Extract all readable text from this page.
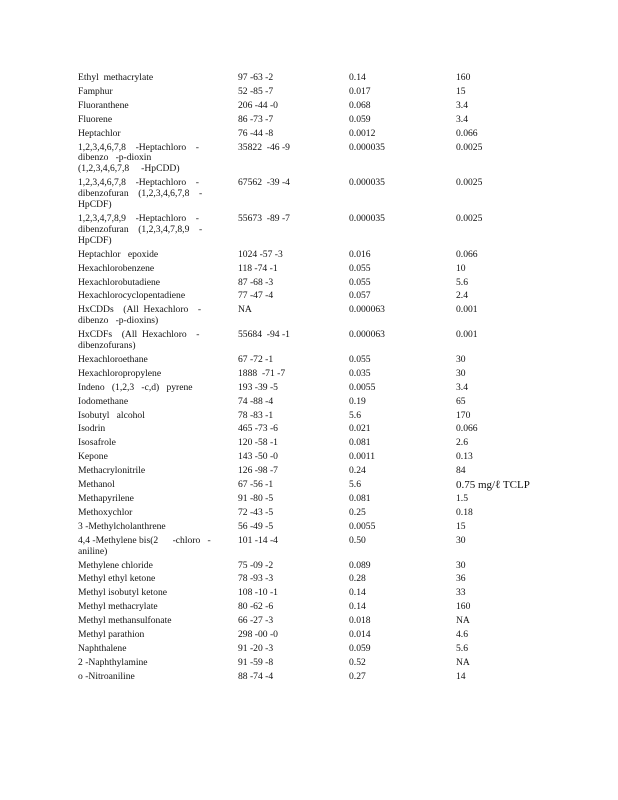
Ethyl  methacrylate	97 -63 -2	0.14	160
Famphur	52 -85 -7	0.017	15
Fluoranthene	206 -44 -0	0.068	3.4
Fluorene	86 -73 -7	0.059	3.4
Heptachlor	76 -44 -8	0.0012	0.066
1,2,3,4,6,7,8    -Heptachloro    -
dibenzo   -p-dioxin
(1,2,3,4,6,7,8     -HpCDD)	35822  -46 -9	0.000035	0.0025
1,2,3,4,6,7,8    -Heptachloro    -
dibenzofuran    (1,2,3,4,6,7,8    -
HpCDF)	67562  -39 -4	0.000035	0.0025
1,2,3,4,7,8,9    -Heptachloro    -
dibenzofuran    (1,2,3,4,7,8,9    -
HpCDF)	55673  -89 -7	0.000035	0.0025
Heptachlor   epoxide	1024 -57 -3	0.016	0.066
Hexachlorobenzene	118 -74 -1	0.055	10
Hexachlorobutadiene	87 -68 -3	0.055	5.6
Hexachlorocyclopentadiene	77 -47 -4	0.057	2.4
HxCDDs    (All  Hexachloro    -
dibenzo   -p-dioxins)	NA	0.000063	0.001
HxCDFs    (All  Hexachloro    -
dibenzofurans)	55684  -94 -1	0.000063	0.001
Hexachloroethane	67 -72 -1	0.055	30
Hexachloropropylene	1888  -71 -7	0.035	30
Indeno   (1,2,3   -c,d)   pyrene	193 -39 -5	0.0055	3.4
Iodomethane	74 -88 -4	0.19	65
Isobutyl   alcohol	78 -83 -1	5.6	170
Isodrin	465 -73 -6	0.021	0.066
Isosafrole	120 -58 -1	0.081	2.6
Kepone	143 -50 -0	0.0011	0.13
Methacrylonitrile	126 -98 -7	0.24	84
Methanol	67 -56 -1	5.6	0.75 mg/ℓ TCLP
Methapyrilene	91 -80 -5	0.081	1.5
Methoxychlor	72 -43 -5	0.25	0.18
3 -Methylcholanthrene	56 -49 -5	0.0055	15
4,4 -Methylene bis(2      -chloro   -
aniline)	101 -14 -4	0.50	30
Methylene chloride	75 -09 -2	0.089	30
Methyl ethyl ketone	78 -93 -3	0.28	36
Methyl isobutyl ketone	108 -10 -1	0.14	33
Methyl methacrylate	80 -62 -6	0.14	160
Methyl methansulfonate	66 -27 -3	0.018	NA
Methyl parathion	298 -00 -0	0.014	4.6
Naphthalene	91 -20 -3	0.059	5.6
2 -Naphthylamine	91 -59 -8	0.52	NA
o -Nitroaniline	88 -74 -4	0.27	14
